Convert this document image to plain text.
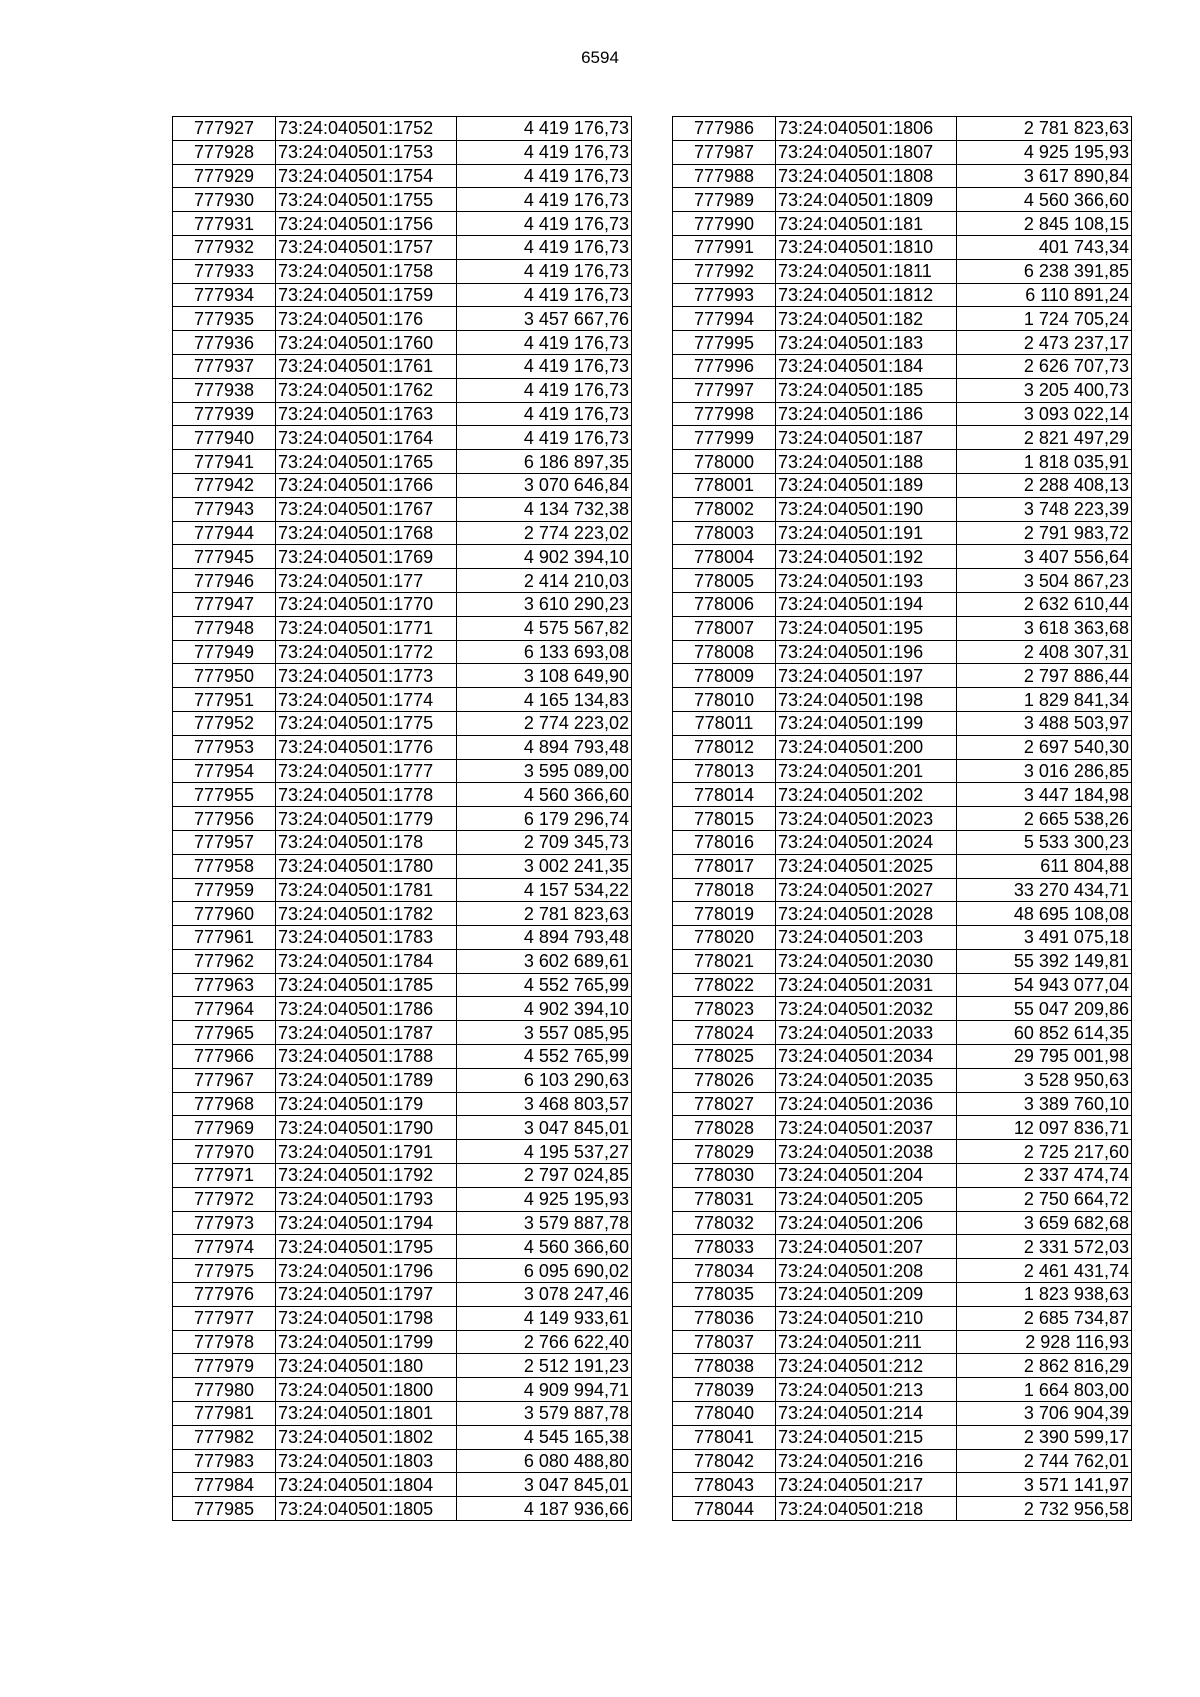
6594
777927	73:24:040501:1752	4 419 176,73
777928	73:24:040501:1753	4 419 176,73
777929	73:24:040501:1754	4 419 176,73
777930	73:24:040501:1755	4 419 176,73
777931	73:24:040501:1756	4 419 176,73
777932	73:24:040501:1757	4 419 176,73
777933	73:24:040501:1758	4 419 176,73
777934	73:24:040501:1759	4 419 176,73
777935	73:24:040501:176	3 457 667,76
777936	73:24:040501:1760	4 419 176,73
777937	73:24:040501:1761	4 419 176,73
777938	73:24:040501:1762	4 419 176,73
777939	73:24:040501:1763	4 419 176,73
777940	73:24:040501:1764	4 419 176,73
777941	73:24:040501:1765	6 186 897,35
777942	73:24:040501:1766	3 070 646,84
777943	73:24:040501:1767	4 134 732,38
777944	73:24:040501:1768	2 774 223,02
777945	73:24:040501:1769	4 902 394,10
777946	73:24:040501:177	2 414 210,03
777947	73:24:040501:1770	3 610 290,23
777948	73:24:040501:1771	4 575 567,82
777949	73:24:040501:1772	6 133 693,08
777950	73:24:040501:1773	3 108 649,90
777951	73:24:040501:1774	4 165 134,83
777952	73:24:040501:1775	2 774 223,02
777953	73:24:040501:1776	4 894 793,48
777954	73:24:040501:1777	3 595 089,00
777955	73:24:040501:1778	4 560 366,60
777956	73:24:040501:1779	6 179 296,74
777957	73:24:040501:178	2 709 345,73
777958	73:24:040501:1780	3 002 241,35
777959	73:24:040501:1781	4 157 534,22
777960	73:24:040501:1782	2 781 823,63
777961	73:24:040501:1783	4 894 793,48
777962	73:24:040501:1784	3 602 689,61
777963	73:24:040501:1785	4 552 765,99
777964	73:24:040501:1786	4 902 394,10
777965	73:24:040501:1787	3 557 085,95
777966	73:24:040501:1788	4 552 765,99
777967	73:24:040501:1789	6 103 290,63
777968	73:24:040501:179	3 468 803,57
777969	73:24:040501:1790	3 047 845,01
777970	73:24:040501:1791	4 195 537,27
777971	73:24:040501:1792	2 797 024,85
777972	73:24:040501:1793	4 925 195,93
777973	73:24:040501:1794	3 579 887,78
777974	73:24:040501:1795	4 560 366,60
777975	73:24:040501:1796	6 095 690,02
777976	73:24:040501:1797	3 078 247,46
777977	73:24:040501:1798	4 149 933,61
777978	73:24:040501:1799	2 766 622,40
777979	73:24:040501:180	2 512 191,23
777980	73:24:040501:1800	4 909 994,71
777981	73:24:040501:1801	3 579 887,78
777982	73:24:040501:1802	4 545 165,38
777983	73:24:040501:1803	6 080 488,80
777984	73:24:040501:1804	3 047 845,01
777985	73:24:040501:1805	4 187 936,66
777986	73:24:040501:1806	2 781 823,63
777987	73:24:040501:1807	4 925 195,93
777988	73:24:040501:1808	3 617 890,84
777989	73:24:040501:1809	4 560 366,60
777990	73:24:040501:181	2 845 108,15
777991	73:24:040501:1810	401 743,34
777992	73:24:040501:1811	6 238 391,85
777993	73:24:040501:1812	6 110 891,24
777994	73:24:040501:182	1 724 705,24
777995	73:24:040501:183	2 473 237,17
777996	73:24:040501:184	2 626 707,73
777997	73:24:040501:185	3 205 400,73
777998	73:24:040501:186	3 093 022,14
777999	73:24:040501:187	2 821 497,29
778000	73:24:040501:188	1 818 035,91
778001	73:24:040501:189	2 288 408,13
778002	73:24:040501:190	3 748 223,39
778003	73:24:040501:191	2 791 983,72
778004	73:24:040501:192	3 407 556,64
778005	73:24:040501:193	3 504 867,23
778006	73:24:040501:194	2 632 610,44
778007	73:24:040501:195	3 618 363,68
778008	73:24:040501:196	2 408 307,31
778009	73:24:040501:197	2 797 886,44
778010	73:24:040501:198	1 829 841,34
778011	73:24:040501:199	3 488 503,97
778012	73:24:040501:200	2 697 540,30
778013	73:24:040501:201	3 016 286,85
778014	73:24:040501:202	3 447 184,98
778015	73:24:040501:2023	2 665 538,26
778016	73:24:040501:2024	5 533 300,23
778017	73:24:040501:2025	611 804,88
778018	73:24:040501:2027	33 270 434,71
778019	73:24:040501:2028	48 695 108,08
778020	73:24:040501:203	3 491 075,18
778021	73:24:040501:2030	55 392 149,81
778022	73:24:040501:2031	54 943 077,04
778023	73:24:040501:2032	55 047 209,86
778024	73:24:040501:2033	60 852 614,35
778025	73:24:040501:2034	29 795 001,98
778026	73:24:040501:2035	3 528 950,63
778027	73:24:040501:2036	3 389 760,10
778028	73:24:040501:2037	12 097 836,71
778029	73:24:040501:2038	2 725 217,60
778030	73:24:040501:204	2 337 474,74
778031	73:24:040501:205	2 750 664,72
778032	73:24:040501:206	3 659 682,68
778033	73:24:040501:207	2 331 572,03
778034	73:24:040501:208	2 461 431,74
778035	73:24:040501:209	1 823 938,63
778036	73:24:040501:210	2 685 734,87
778037	73:24:040501:211	2 928 116,93
778038	73:24:040501:212	2 862 816,29
778039	73:24:040501:213	1 664 803,00
778040	73:24:040501:214	3 706 904,39
778041	73:24:040501:215	2 390 599,17
778042	73:24:040501:216	2 744 762,01
778043	73:24:040501:217	3 571 141,97
778044	73:24:040501:218	2 732 956,58
